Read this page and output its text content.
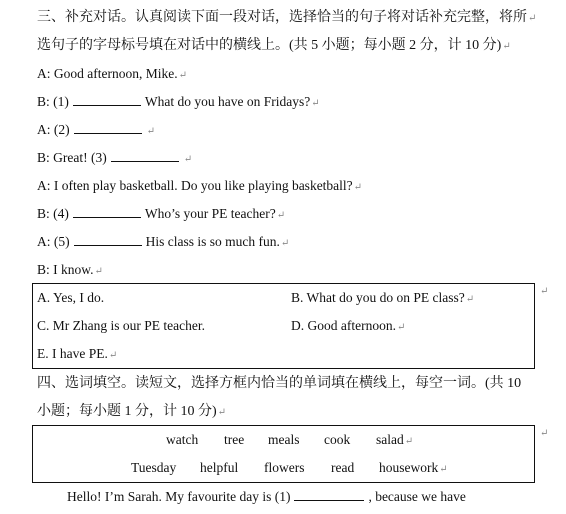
三、补充对话。认真阅读下面一段对话，选择恰当的句子将对话补充完整，将所↵
选句子的字母标号填在对话中的横线上。(共 5 小题；每小题 2 分，计 10 分)↵
A: Good afternoon, Mike.↵
B: (1)	What do you have on Fridays?↵
A: (2)	↵
B: Great! (3)	↵
A: I often play basketball. Do you like playing basketball?↵
B: (4)	Who’s your PE teacher?↵
A: (5)	His class is so much fun.↵
B: I know.↵
A. Yes, I do.	B. What do you do on PE class?↵
C. Mr Zhang is our PE teacher.	D. Good afternoon.↵
E. I have PE.↵
↵
四、选词填空。读短文，选择方框内恰当的单词填在横线上，每空一词。(共 10
小题；每小题 1 分，计 10 分)↵
↵
watch tree meals cook salad↵
Tuesday helpful flowers read housework↵
Hello! I’m Sarah. My favourite day is (1)	, because we have
